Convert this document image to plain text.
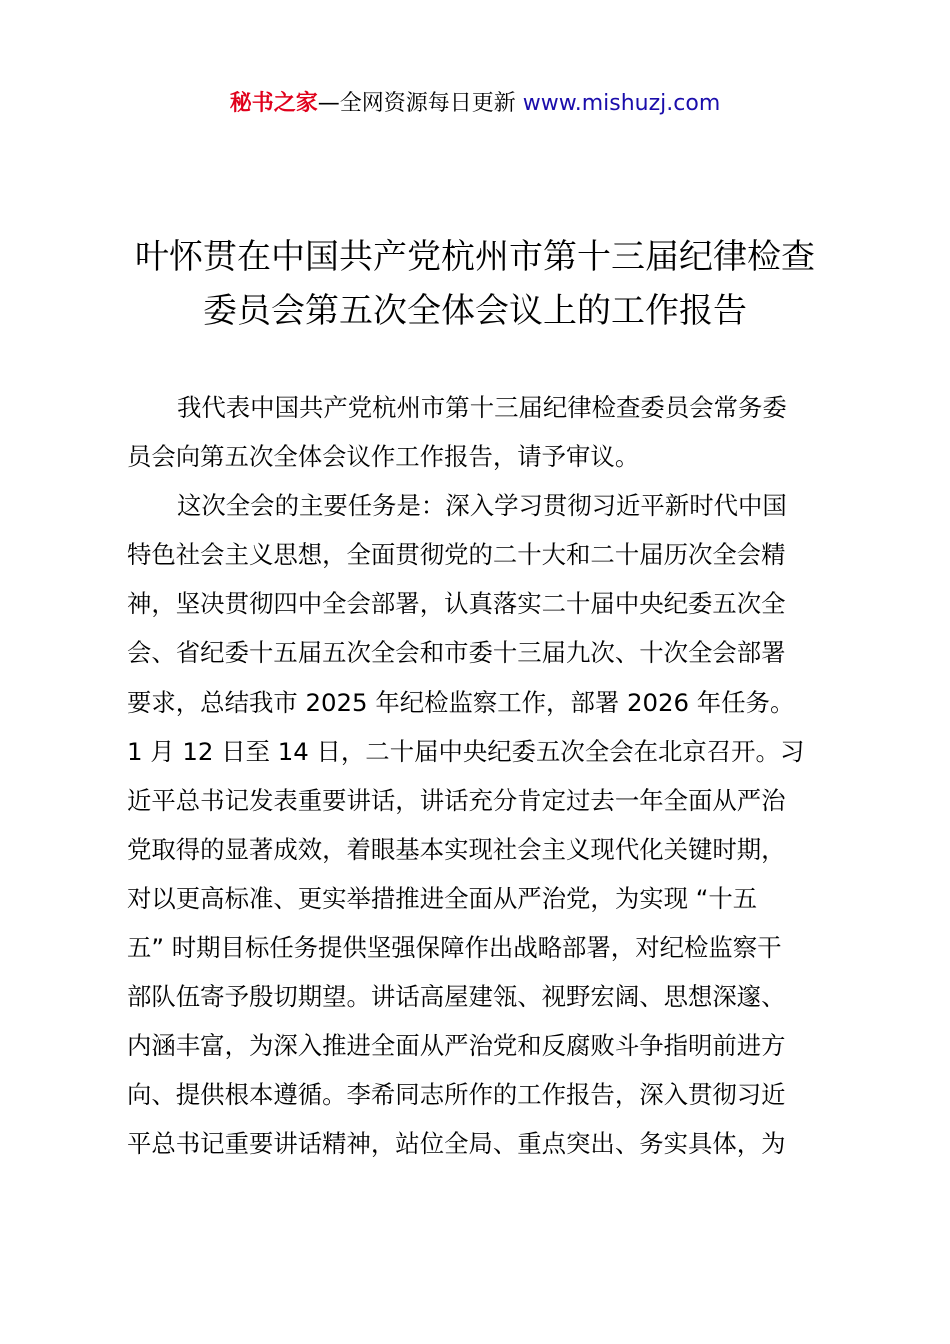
秘书之家—全网资源每日更新 www.mishuzj.com
叶怀贯在中国共产党杭州市第十三届纪律检查
委员会第五次全体会议上的工作报告
我代表中国共产党杭州市第十三届纪律检查委员会常务委
员会向第五次全体会议作工作报告，请予审议。
这次全会的主要任务是：深入学习贯彻习近平新时代中国
特色社会主义思想，全面贯彻党的二十大和二十届历次全会精
神，坚决贯彻四中全会部署，认真落实二十届中央纪委五次全
会、省纪委十五届五次全会和市委十三届九次、十次全会部署
要求，总结我市 2025 年纪检监察工作，部署 2026 年任务。
1 月 12 日至 14 日，二十届中央纪委五次全会在北京召开。习
近平总书记发表重要讲话，讲话充分肯定过去一年全面从严治
党取得的显著成效，着眼基本实现社会主义现代化关键时期，
对以更高标准、更实举措推进全面从严治党，为实现 “十五
五” 时期目标任务提供坚强保障作出战略部署，对纪检监察干
部队伍寄予殷切期望。讲话高屋建瓴、视野宏阔、思想深邃、
内涵丰富，为深入推进全面从严治党和反腐败斗争指明前进方
向、提供根本遵循。李希同志所作的工作报告，深入贯彻习近
平总书记重要讲话精神，站位全局、重点突出、务实具体，为
